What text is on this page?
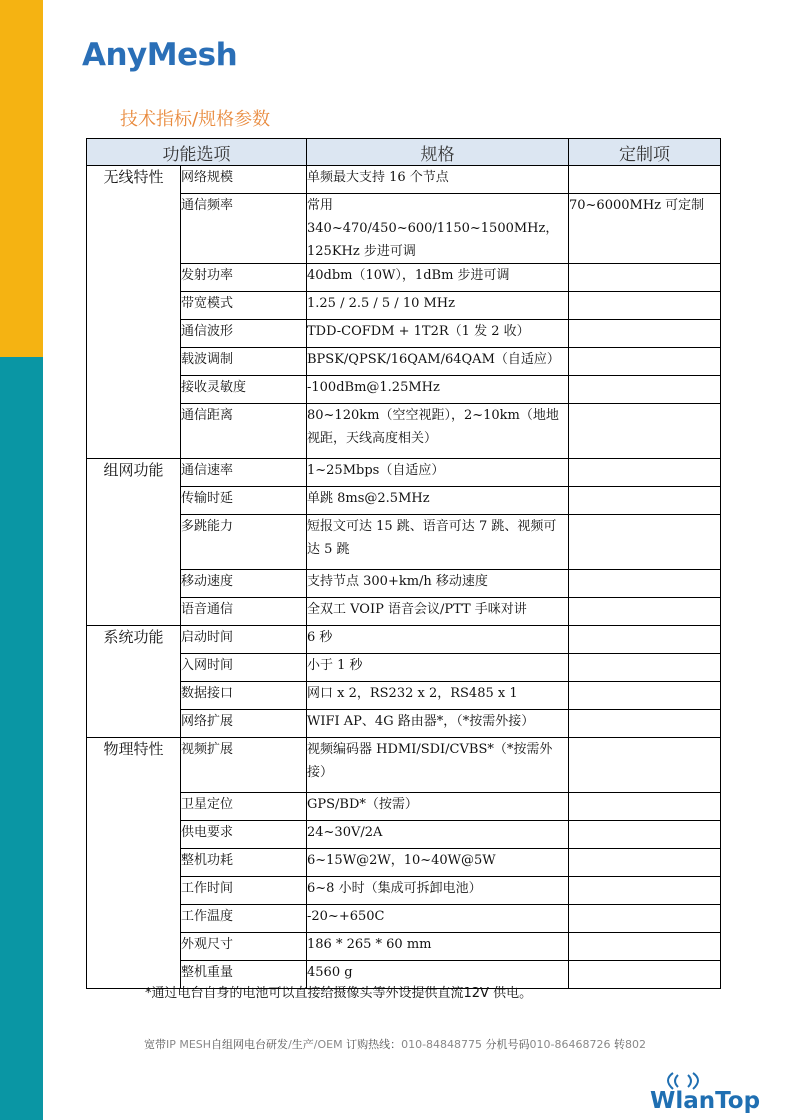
AnyMesh
技术指标/规格参数
功能选项		规格	定制项
无线特性	网络规模	单频最大支持 16 个节点	
	通信频率	常用 340~470/450~600/1150~1500MHz，125KHz 步进可调	70~6000MHz 可定制
	发射功率	40dbm（10W），1dBm 步进可调	
	带宽模式	1.25 / 2.5 / 5 / 10 MHz	
	通信波形	TDD-COFDM + 1T2R（1 发 2 收）	
	载波调制	BPSK/QPSK/16QAM/64QAM（自适应）	
	接收灵敏度	-100dBm@1.25MHz	
	通信距离	80~120km（空空视距），2~10km（地地视距，天线高度相关）	
组网功能	通信速率	1~25Mbps（自适应）	
	传输时延	单跳 8ms@2.5MHz	
	多跳能力	短报文可达 15 跳、语音可达 7 跳、视频可达 5 跳	
	移动速度	支持节点 300+km/h 移动速度	
	语音通信	全双工 VOIP 语音会议/PTT 手咪对讲	
系统功能	启动时间	6 秒	
	入网时间	小于 1 秒	
	数据接口	网口 x 2，RS232 x 2，RS485 x 1	
	网络扩展	WIFI AP、4G 路由器*，（*按需外接）	
物理特性	视频扩展	视频编码器 HDMI/SDI/CVBS*（*按需外接）	
	卫星定位	GPS/BD*（按需）	
	供电要求	24~30V/2A	
	整机功耗	6~15W@2W，10~40W@5W	
	工作时间	6~8 小时（集成可拆卸电池）	
	工作温度	-20~+650C	
	外观尺寸	186 * 265 * 60 mm	
	整机重量	4560 g	
*通过电台自身的电池可以直接给摄像头等外设提供直流12V 供电。
宽带IP MESH自组网电台研发/生产/OEM 订购热线：010-84848775 分机号码010-86468726 转802
WlanTop
